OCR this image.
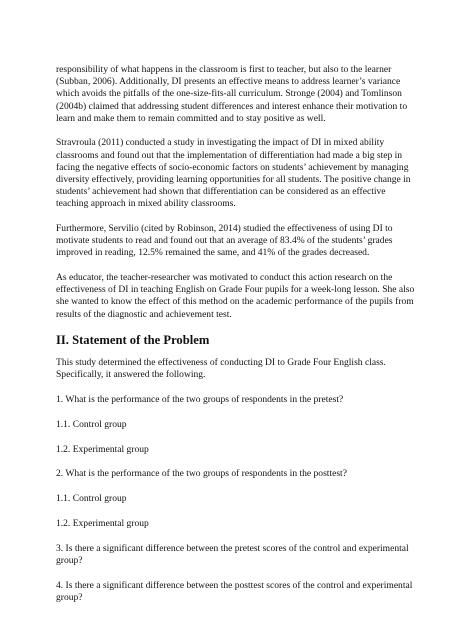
responsibility of what happens in the classroom is first to teacher, but also to the learner (Subban, 2006). Additionally, DI presents an effective means to address learner’s variance which avoids the pitfalls of the one-size-fits-all curriculum. Stronge (2004) and Tomlinson (2004b) claimed that addressing student differences and interest enhance their motivation to learn and make them to remain committed and to stay positive as well.

Stravroula (2011) conducted a study in investigating the impact of DI in mixed ability classrooms and found out that the implementation of differentiation had made a big step in facing the negative effects of socio-economic factors on students’ achievement by managing diversity effectively, providing learning opportunities for all students. The positive change in students’ achievement had shown that differentiation can be considered as an effective teaching approach in mixed ability classrooms.

Furthermore, Servilio (cited by Robinson, 2014) studied the effectiveness of using DI to motivate students to read and found out that an average of 83.4% of the students’ grades improved in reading, 12.5% remained the same, and 41% of the grades decreased.

As educator, the teacher-researcher was motivated to conduct this action research on the effectiveness of DI in teaching English on Grade Four pupils for a week-long lesson. She also she wanted to know the effect of this method on the academic performance of the pupils from results of the diagnostic and achievement test.

II. Statement of the Problem

This study determined the effectiveness of conducting DI to Grade Four English class. Specifically, it answered the following.

1. What is the performance of the two groups of respondents in the pretest?

1.1. Control group

1.2. Experimental group

2. What is the performance of the two groups of respondents in the posttest?

1.1. Control group

1.2. Experimental group

3. Is there a significant difference between the pretest scores of the control and experimental group?

4. Is there a significant difference between the posttest scores of the control and experimental group?
